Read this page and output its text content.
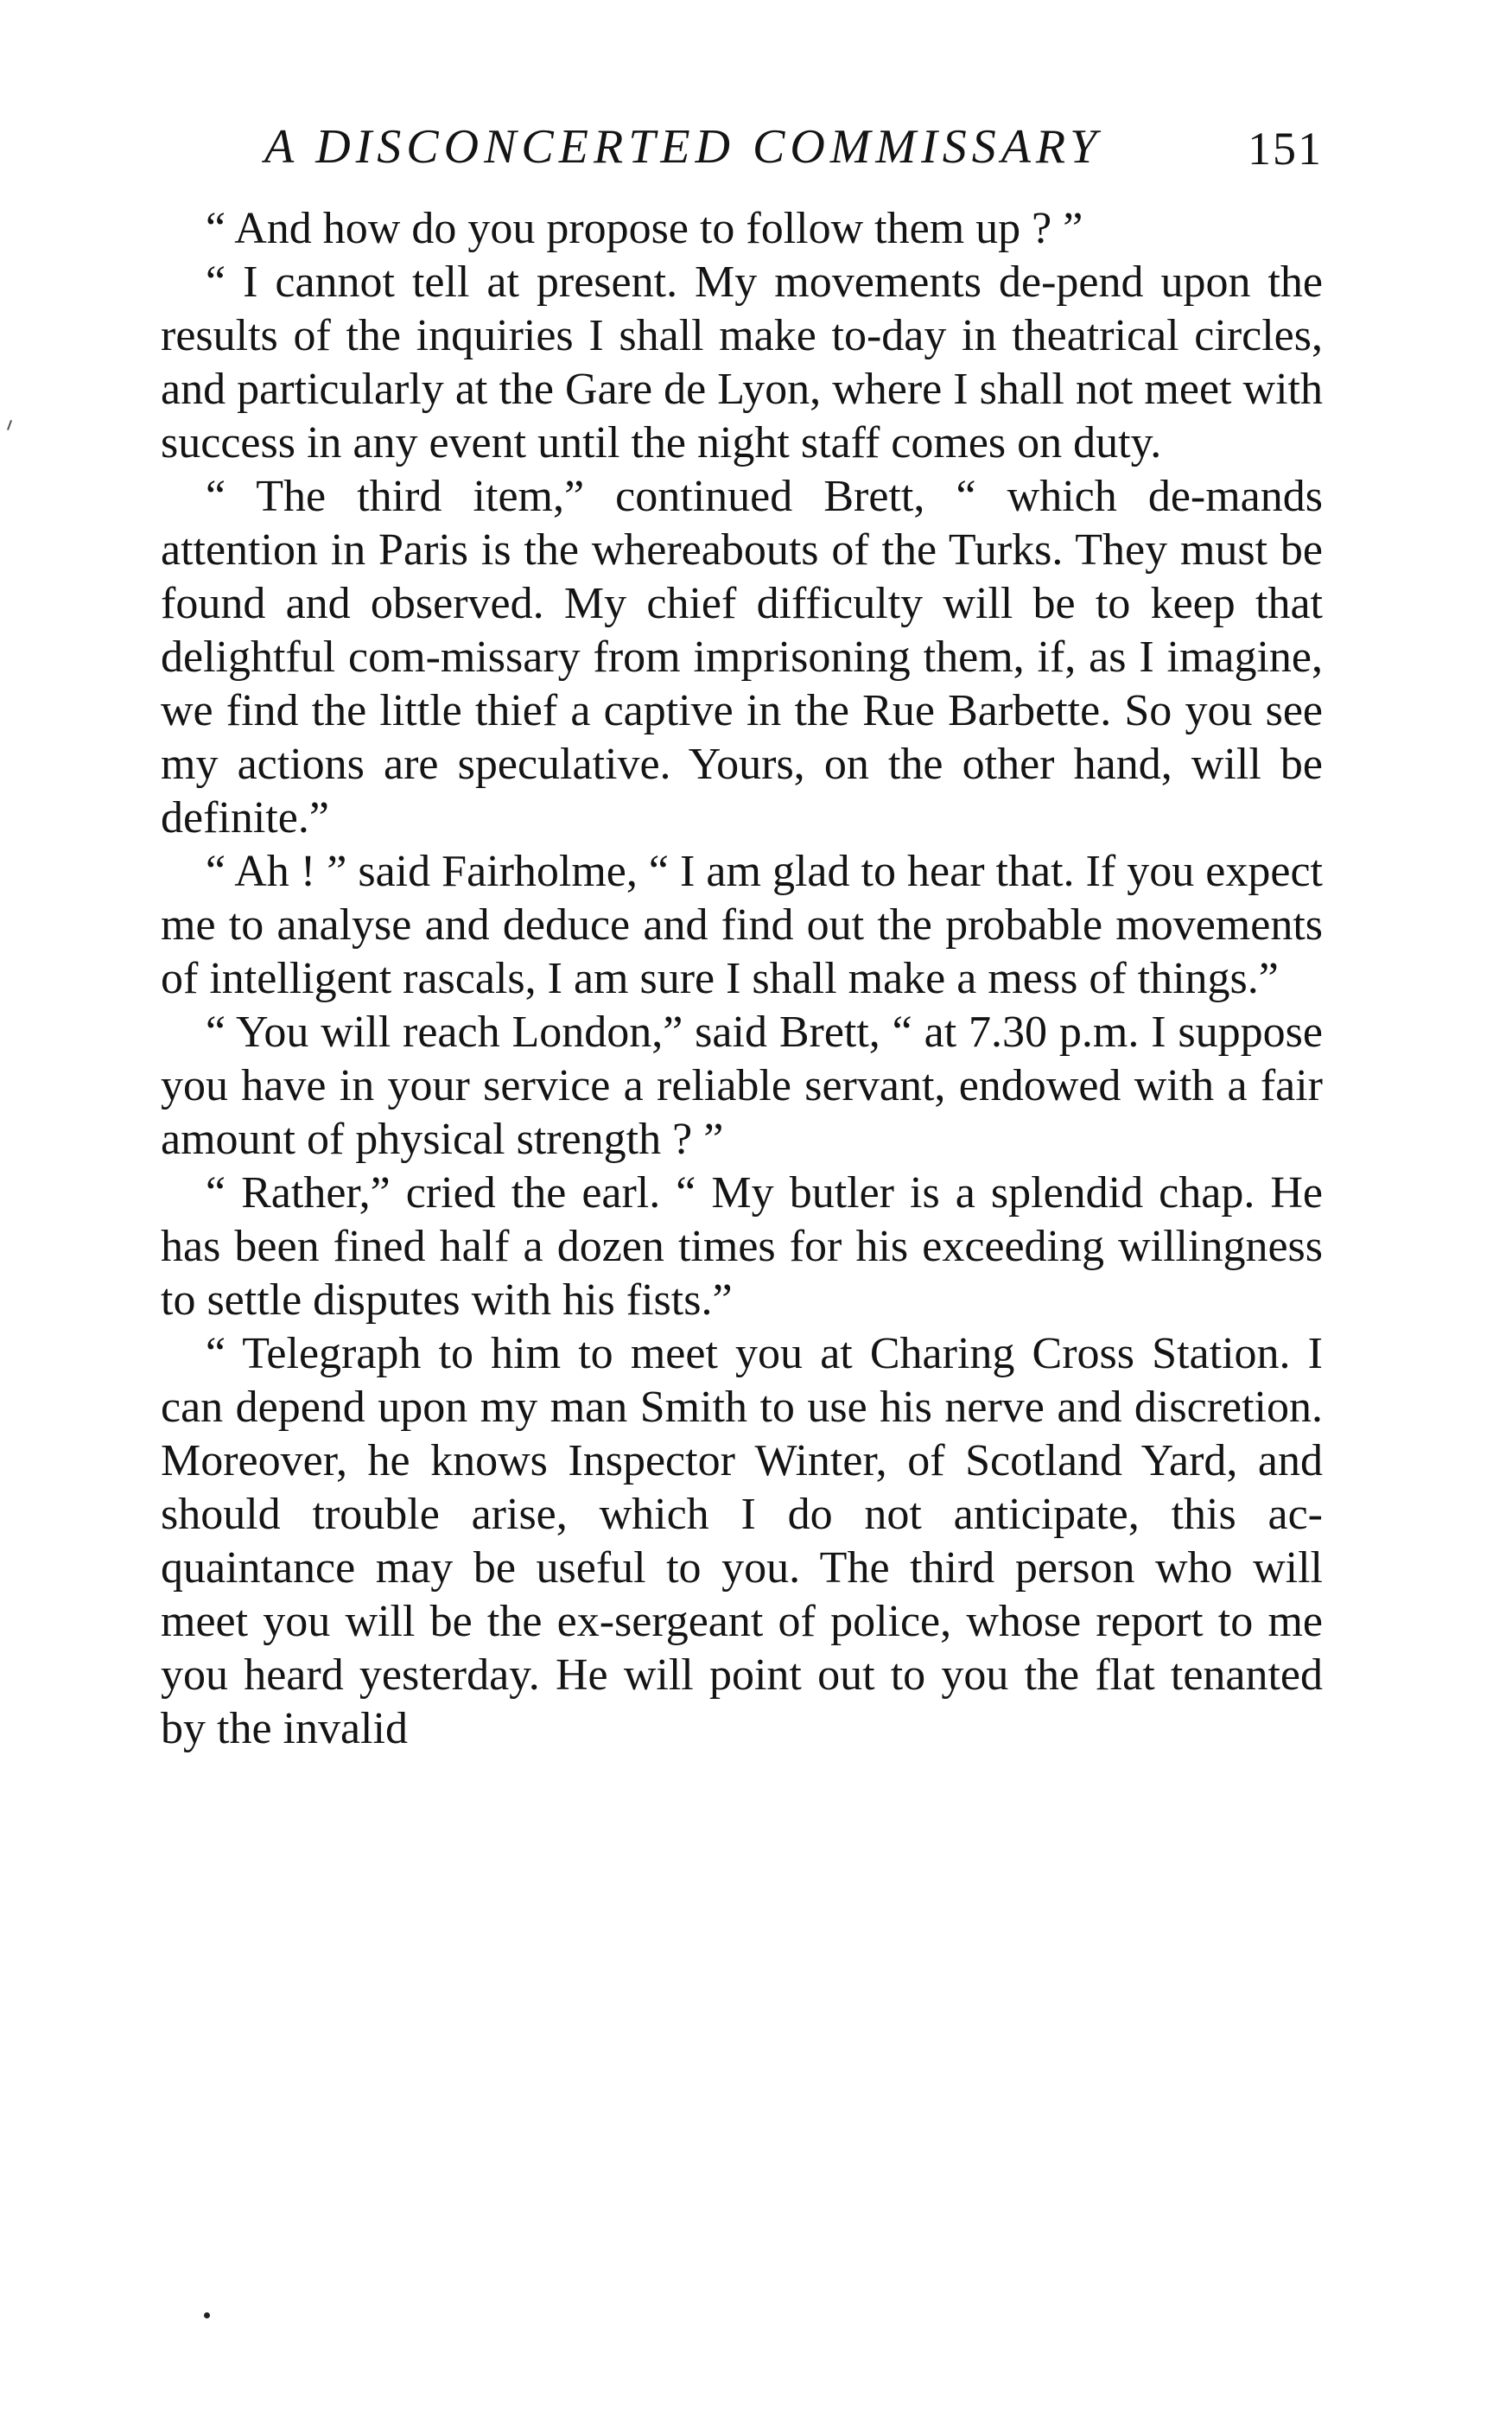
A DISCONCERTED COMMISSARY	151

“ And how do you propose to follow them up ? ”

“ I cannot tell at present. My movements de-pend upon the results of the inquiries I shall make to-day in theatrical circles, and particularly at the Gare de Lyon, where I shall not meet with success in any event until the night staff comes on duty.

“ The third item,” continued Brett, “ which de-mands attention in Paris is the whereabouts of the Turks. They must be found and observed. My chief difficulty will be to keep that delightful com-missary from imprisoning them, if, as I imagine, we find the little thief a captive in the Rue Barbette. So you see my actions are speculative. Yours, on the other hand, will be definite.”

“ Ah ! ” said Fairholme, “ I am glad to hear that. If you expect me to analyse and deduce and find out the probable movements of intelligent rascals, I am sure I shall make a mess of things.”

“ You will reach London,” said Brett, “ at 7.30 p.m. I suppose you have in your service a reliable servant, endowed with a fair amount of physical strength ? ”

“ Rather,” cried the earl. “ My butler is a splendid chap. He has been fined half a dozen times for his exceeding willingness to settle disputes with his fists.”

“ Telegraph to him to meet you at Charing Cross Station. I can depend upon my man Smith to use his nerve and discretion. Moreover, he knows Inspector Winter, of Scotland Yard, and should trouble arise, which I do not anticipate, this ac-quaintance may be useful to you. The third person who will meet you will be the ex-sergeant of police, whose report to me you heard yesterday. He will point out to you the flat tenanted by the invalid
